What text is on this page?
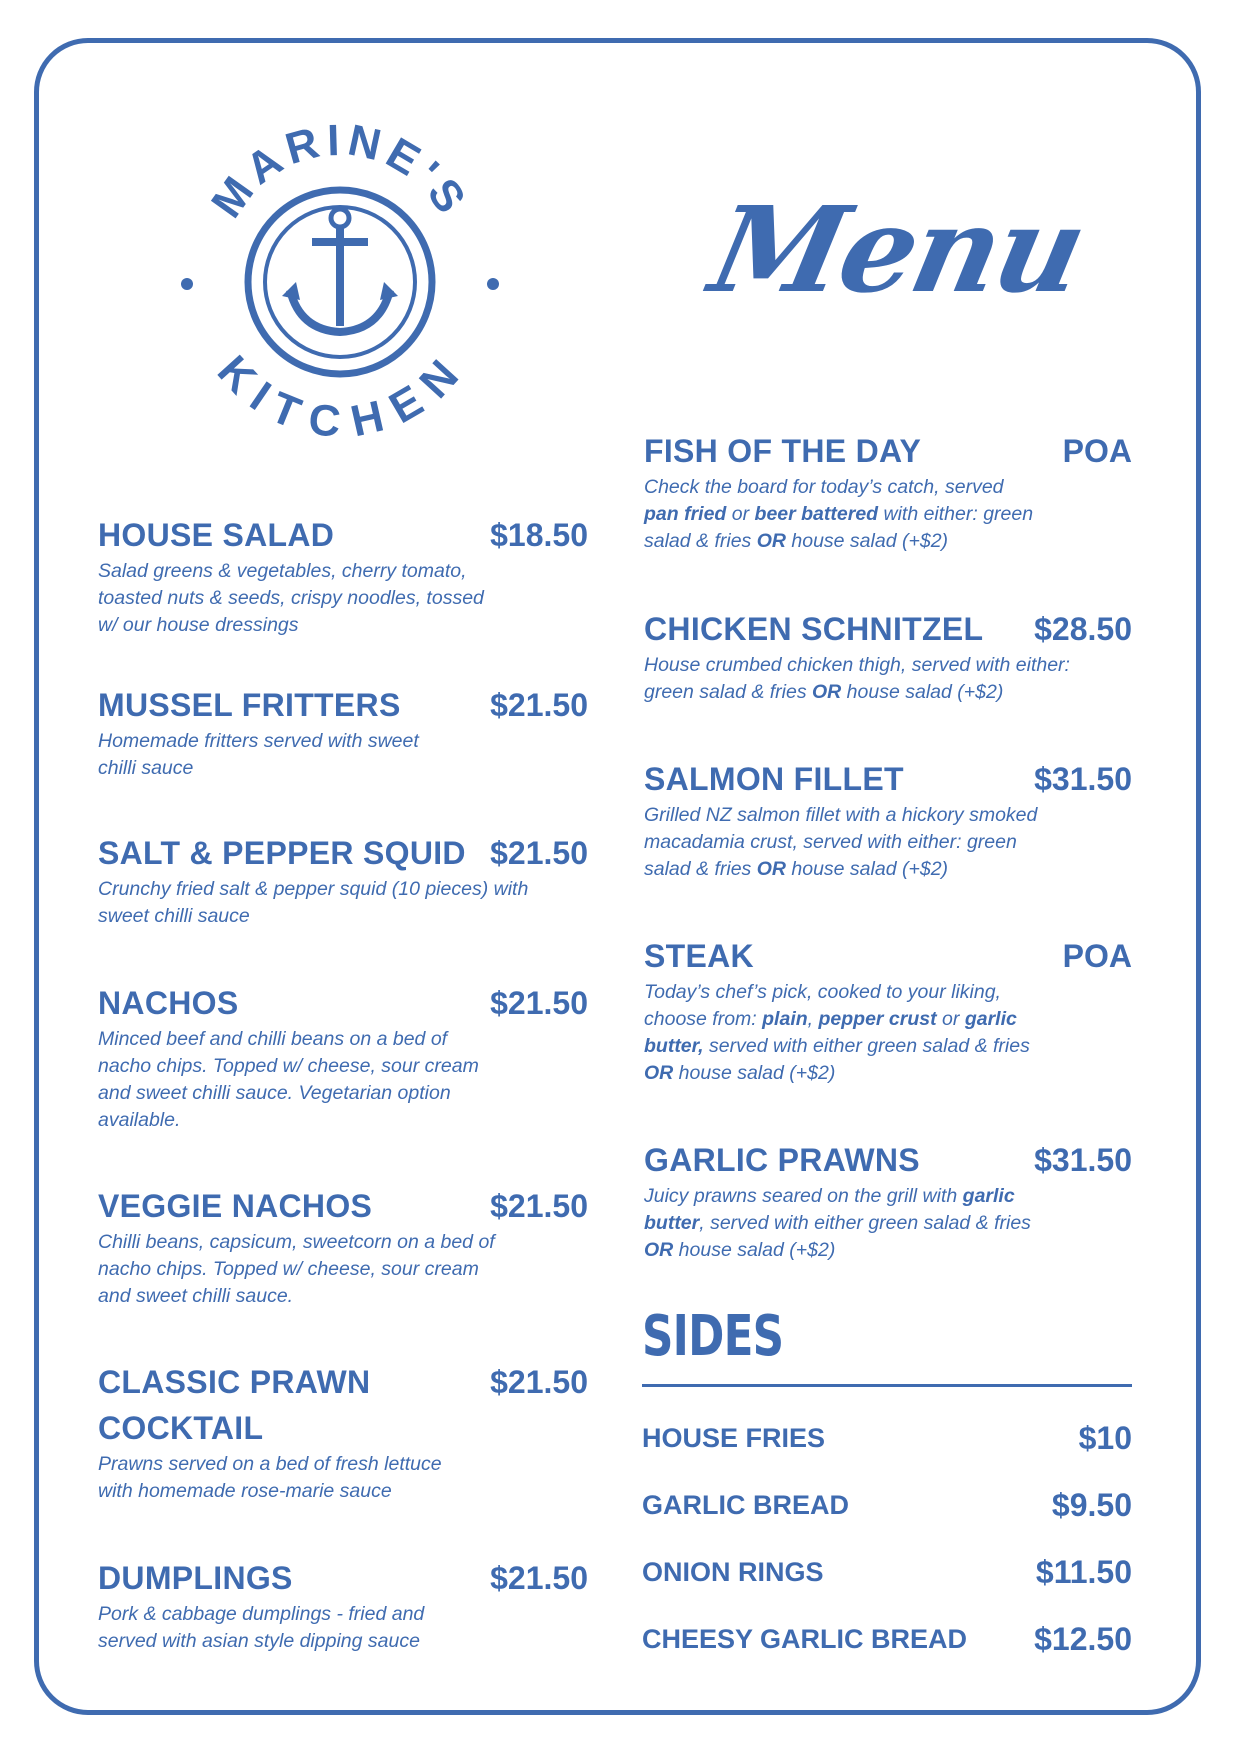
MARINE'S
KITCHEN
Menu
HOUSE SALAD	$18.50
Salad greens & vegetables, cherry tomato, toasted nuts & seeds, crispy noodles, tossed w/ our house dressings
MUSSEL FRITTERS	$21.50
Homemade fritters served with sweet chilli sauce
SALT & PEPPER SQUID $21.50
Crunchy fried salt & pepper squid (10 pieces) with sweet chilli sauce
NACHOS	$21.50
Minced beef and chilli beans on a bed of nacho chips. Topped w/ cheese, sour cream and sweet chilli sauce. Vegetarian option available.
VEGGIE NACHOS	$21.50
Chilli beans, capsicum, sweetcorn on a bed of nacho chips. Topped w/ cheese, sour cream and sweet chilli sauce.
CLASSIC PRAWN COCKTAIL
$21.50
Prawns served on a bed of fresh lettuce with homemade rose-marie sauce
DUMPLINGS	$21.50
Pork & cabbage dumplings - fried and served with asian style dipping sauce
FISH OF THE DAY	POA
Check the board for today’s catch, served pan fried or beer battered with either: green salad & fries OR house salad (+$2)
CHICKEN SCHNITZEL $28.50
House crumbed chicken thigh, served with either: green salad & fries OR house salad (+$2)
SALMON FILLET	$31.50
Grilled NZ salmon fillet with a hickory smoked macadamia crust, served with either: green salad & fries OR house salad (+$2)
STEAK	POA
Today’s chef’s pick, cooked to your liking, choose from: plain, pepper crust or garlic butter, served with either green salad & fries OR house salad (+$2)
GARLIC PRAWNS	$31.50
Juicy prawns seared on the grill with garlic butter, served with either green salad & fries OR house salad (+$2)
SIDES
HOUSE FRIES	$10
GARLIC BREAD	$9.50
ONION RINGS	$11.50
CHEESY GARLIC BREAD $12.50
